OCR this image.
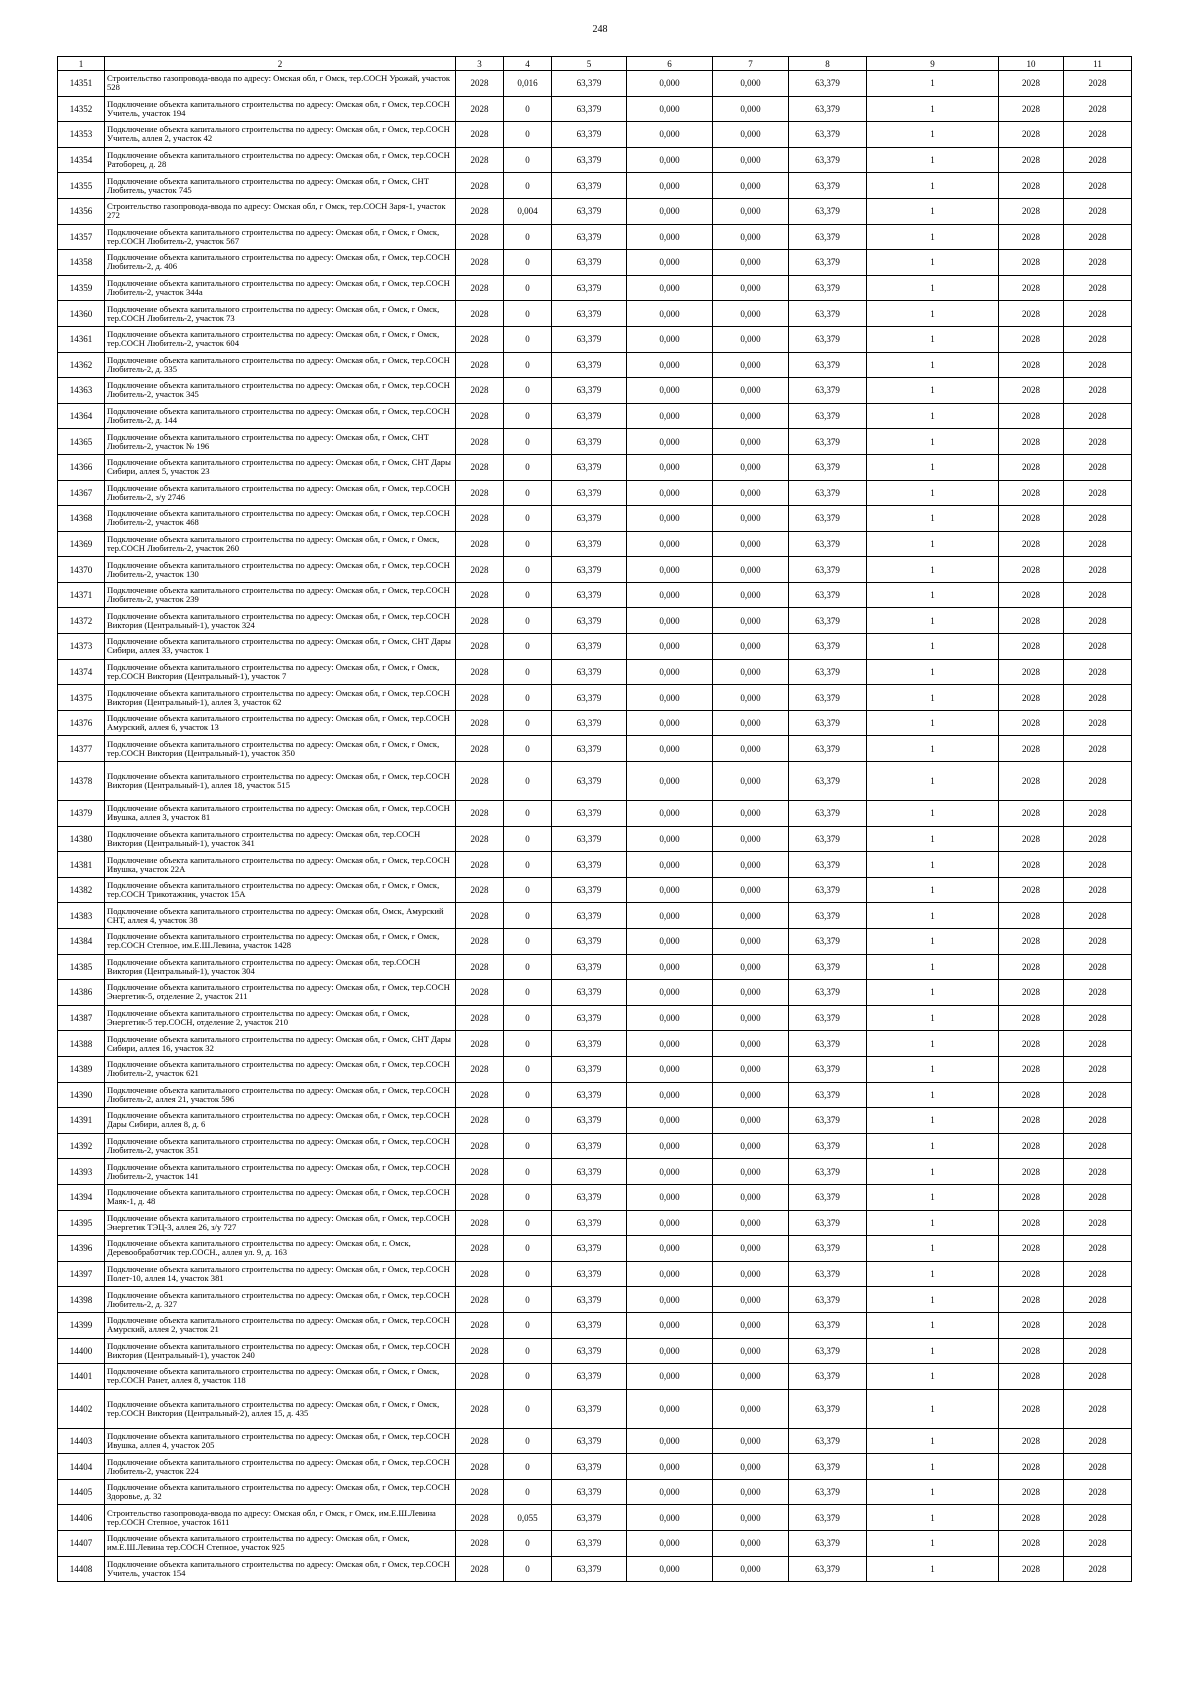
248
1	2	3	4	5	6	7	8	9	10	11
14351	Строительство газопровода-ввода по адресу: Омская обл, г Омск, тер.СОСН Урожай, участок 528	2028	0,016	63,379	0,000	0,000	63,379	1	2028	2028
14352	Подключение объекта капитального строительства по адресу: Омская обл, г Омск, тер.СОСН Учитель, участок 194	2028	0	63,379	0,000	0,000	63,379	1	2028	2028
14353	Подключение объекта капитального строительства по адресу: Омская обл, г Омск, тер.СОСН Учитель, аллея 2, участок 42	2028	0	63,379	0,000	0,000	63,379	1	2028	2028
14354	Подключение объекта капитального строительства по адресу: Омская обл, г Омск, тер.СОСН Ратоборец, д. 28	2028	0	63,379	0,000	0,000	63,379	1	2028	2028
14355	Подключение объекта капитального строительства по адресу: Омская обл, г Омск, СНТ Любитель, участок 745	2028	0	63,379	0,000	0,000	63,379	1	2028	2028
14356	Строительство газопровода-ввода по адресу: Омская обл, г Омск, тер.СОСН Заря-1, участок 272	2028	0,004	63,379	0,000	0,000	63,379	1	2028	2028
14357	Подключение объекта капитального строительства по адресу: Омская обл, г Омск, г Омск, тер.СОСН Любитель-2, участок 567	2028	0	63,379	0,000	0,000	63,379	1	2028	2028
14358	Подключение объекта капитального строительства по адресу: Омская обл, г Омск, тер.СОСН Любитель-2, д. 406	2028	0	63,379	0,000	0,000	63,379	1	2028	2028
14359	Подключение объекта капитального строительства по адресу: Омская обл, г Омск, тер.СОСН Любитель-2, участок 344а	2028	0	63,379	0,000	0,000	63,379	1	2028	2028
14360	Подключение объекта капитального строительства по адресу: Омская обл, г Омск, г Омск, тер.СОСН Любитель-2, участок 73	2028	0	63,379	0,000	0,000	63,379	1	2028	2028
14361	Подключение объекта капитального строительства по адресу: Омская обл, г Омск, г Омск, тер.СОСН Любитель-2, участок 604	2028	0	63,379	0,000	0,000	63,379	1	2028	2028
14362	Подключение объекта капитального строительства по адресу: Омская обл, г Омск, тер.СОСН Любитель-2, д. 335	2028	0	63,379	0,000	0,000	63,379	1	2028	2028
14363	Подключение объекта капитального строительства по адресу: Омская обл, г Омск, тер.СОСН Любитель-2, участок 345	2028	0	63,379	0,000	0,000	63,379	1	2028	2028
14364	Подключение объекта капитального строительства по адресу: Омская обл, г Омск, тер.СОСН Любитель-2, д. 144	2028	0	63,379	0,000	0,000	63,379	1	2028	2028
14365	Подключение объекта капитального строительства по адресу: Омская обл, г Омск, СНТ Любитель-2, участок № 196	2028	0	63,379	0,000	0,000	63,379	1	2028	2028
14366	Подключение объекта капитального строительства по адресу: Омская обл, г Омск, СНТ Дары Сибири, аллея 5, участок 23	2028	0	63,379	0,000	0,000	63,379	1	2028	2028
14367	Подключение объекта капитального строительства по адресу: Омская обл, г Омск, тер.СОСН Любитель-2, з/у 2746	2028	0	63,379	0,000	0,000	63,379	1	2028	2028
14368	Подключение объекта капитального строительства по адресу: Омская обл, г Омск, тер.СОСН Любитель-2, участок 468	2028	0	63,379	0,000	0,000	63,379	1	2028	2028
14369	Подключение объекта капитального строительства по адресу: Омская обл, г Омск, г Омск, тер.СОСН Любитель-2, участок 260	2028	0	63,379	0,000	0,000	63,379	1	2028	2028
14370	Подключение объекта капитального строительства по адресу: Омская обл, г Омск, тер.СОСН Любитель-2, участок 130	2028	0	63,379	0,000	0,000	63,379	1	2028	2028
14371	Подключение объекта капитального строительства по адресу: Омская обл, г Омск, тер.СОСН Любитель-2, участок 239	2028	0	63,379	0,000	0,000	63,379	1	2028	2028
14372	Подключение объекта капитального строительства по адресу: Омская обл, г Омск, тер.СОСН Виктория (Центральный-1), участок 324	2028	0	63,379	0,000	0,000	63,379	1	2028	2028
14373	Подключение объекта капитального строительства по адресу: Омская обл, г Омск, СНТ Дары Сибири, аллея 33, участок 1	2028	0	63,379	0,000	0,000	63,379	1	2028	2028
14374	Подключение объекта капитального строительства по адресу: Омская обл, г Омск, г Омск, тер.СОСН Виктория (Центральный-1), участок 7	2028	0	63,379	0,000	0,000	63,379	1	2028	2028
14375	Подключение объекта капитального строительства по адресу: Омская обл, г Омск, тер.СОСН Виктория (Центральный-1), аллея 3, участок 62	2028	0	63,379	0,000	0,000	63,379	1	2028	2028
14376	Подключение объекта капитального строительства по адресу: Омская обл, г Омск, тер.СОСН Амурский, аллея 6, участок 13	2028	0	63,379	0,000	0,000	63,379	1	2028	2028
14377	Подключение объекта капитального строительства по адресу: Омская обл, г Омск, г Омск, тер.СОСН Виктория (Центральный-1), участок 350	2028	0	63,379	0,000	0,000	63,379	1	2028	2028
14378	Подключение объекта капитального строительства по адресу: Омская обл, г Омск, тер.СОСН Виктория (Центральный-1), аллея 18, участок 515	2028	0	63,379	0,000	0,000	63,379	1	2028	2028
14379	Подключение объекта капитального строительства по адресу: Омская обл, г Омск, тер.СОСН Ивушка, аллея 3, участок 81	2028	0	63,379	0,000	0,000	63,379	1	2028	2028
14380	Подключение объекта капитального строительства по адресу: Омская обл, тер.СОСН Виктория (Центральный-1), участок 341	2028	0	63,379	0,000	0,000	63,379	1	2028	2028
14381	Подключение объекта капитального строительства по адресу: Омская обл, г Омск, тер.СОСН Ивушка, участок 22А	2028	0	63,379	0,000	0,000	63,379	1	2028	2028
14382	Подключение объекта капитального строительства по адресу: Омская обл, г Омск, г Омск, тер.СОСН Трикотажник, участок 15А	2028	0	63,379	0,000	0,000	63,379	1	2028	2028
14383	Подключение объекта капитального строительства по адресу: Омская обл, Омск, Амурский СНТ, аллея 4, участок 38	2028	0	63,379	0,000	0,000	63,379	1	2028	2028
14384	Подключение объекта капитального строительства по адресу: Омская обл, г Омск, г Омск, тер.СОСН Степное, им.Е.Ш.Левина, участок 1428	2028	0	63,379	0,000	0,000	63,379	1	2028	2028
14385	Подключение объекта капитального строительства по адресу: Омская обл, тер.СОСН Виктория (Центральный-1), участок 304	2028	0	63,379	0,000	0,000	63,379	1	2028	2028
14386	Подключение объекта капитального строительства по адресу: Омская обл, г Омск, тер.СОСН Энергетик-5, отделение 2, участок 211	2028	0	63,379	0,000	0,000	63,379	1	2028	2028
14387	Подключение объекта капитального строительства по адресу: Омская обл, г Омск, Энергетик-5 тер.СОСН, отделение 2, участок 210	2028	0	63,379	0,000	0,000	63,379	1	2028	2028
14388	Подключение объекта капитального строительства по адресу: Омская обл, г Омск, СНТ Дары Сибири, аллея 16, участок 32	2028	0	63,379	0,000	0,000	63,379	1	2028	2028
14389	Подключение объекта капитального строительства по адресу: Омская обл, г Омск, тер.СОСН Любитель-2, участок 621	2028	0	63,379	0,000	0,000	63,379	1	2028	2028
14390	Подключение объекта капитального строительства по адресу: Омская обл, г Омск, тер.СОСН Любитель-2, аллея 21, участок 596	2028	0	63,379	0,000	0,000	63,379	1	2028	2028
14391	Подключение объекта капитального строительства по адресу: Омская обл, г Омск, тер.СОСН Дары Сибири, аллея 8, д. 6	2028	0	63,379	0,000	0,000	63,379	1	2028	2028
14392	Подключение объекта капитального строительства по адресу: Омская обл, г Омск, тер.СОСН Любитель-2, участок 351	2028	0	63,379	0,000	0,000	63,379	1	2028	2028
14393	Подключение объекта капитального строительства по адресу: Омская обл, г Омск, тер.СОСН Любитель-2, участок 141	2028	0	63,379	0,000	0,000	63,379	1	2028	2028
14394	Подключение объекта капитального строительства по адресу: Омская обл, г Омск, тер.СОСН Маяк-1, д. 48	2028	0	63,379	0,000	0,000	63,379	1	2028	2028
14395	Подключение объекта капитального строительства по адресу: Омская обл, г Омск, тер.СОСН Энергетик ТЭЦ-3, аллея 26, з/у 727	2028	0	63,379	0,000	0,000	63,379	1	2028	2028
14396	Подключение объекта капитального строительства по адресу: Омская обл, г. Омск, Деревообработчик тер.СОСН., аллея ул. 9, д. 163	2028	0	63,379	0,000	0,000	63,379	1	2028	2028
14397	Подключение объекта капитального строительства по адресу: Омская обл, г Омск, тер.СОСН Полет-10, аллея 14, участок 381	2028	0	63,379	0,000	0,000	63,379	1	2028	2028
14398	Подключение объекта капитального строительства по адресу: Омская обл, г Омск, тер.СОСН Любитель-2, д. 327	2028	0	63,379	0,000	0,000	63,379	1	2028	2028
14399	Подключение объекта капитального строительства по адресу: Омская обл, г Омск, тер.СОСН Амурский, аллея 2, участок 21	2028	0	63,379	0,000	0,000	63,379	1	2028	2028
14400	Подключение объекта капитального строительства по адресу: Омская обл, г Омск, тер.СОСН Виктория (Центральный-1), участок 240	2028	0	63,379	0,000	0,000	63,379	1	2028	2028
14401	Подключение объекта капитального строительства по адресу: Омская обл, г Омск, г Омск, тер.СОСН Ранет, аллея 8, участок 118	2028	0	63,379	0,000	0,000	63,379	1	2028	2028
14402	Подключение объекта капитального строительства по адресу: Омская обл, г Омск, г Омск, тер.СОСН Виктория (Центральный-2), аллея 15, д. 435	2028	0	63,379	0,000	0,000	63,379	1	2028	2028
14403	Подключение объекта капитального строительства по адресу: Омская обл, г Омск, тер.СОСН Ивушка, аллея 4, участок 205	2028	0	63,379	0,000	0,000	63,379	1	2028	2028
14404	Подключение объекта капитального строительства по адресу: Омская обл, г Омск, тер.СОСН Любитель-2, участок 224	2028	0	63,379	0,000	0,000	63,379	1	2028	2028
14405	Подключение объекта капитального строительства по адресу: Омская обл, г Омск, тер.СОСН Здоровье, д. 32	2028	0	63,379	0,000	0,000	63,379	1	2028	2028
14406	Строительство газопровода-ввода по адресу: Омская обл, г Омск, г Омск, им.Е.Ш.Левина тер.СОСН Степное, участок 1611	2028	0,055	63,379	0,000	0,000	63,379	1	2028	2028
14407	Подключение объекта капитального строительства по адресу: Омская обл, г Омск, им.Е.Ш.Левина тер.СОСН Степное, участок 925	2028	0	63,379	0,000	0,000	63,379	1	2028	2028
14408	Подключение объекта капитального строительства по адресу: Омская обл, г Омск, тер.СОСН Учитель, участок 154	2028	0	63,379	0,000	0,000	63,379	1	2028	2028
